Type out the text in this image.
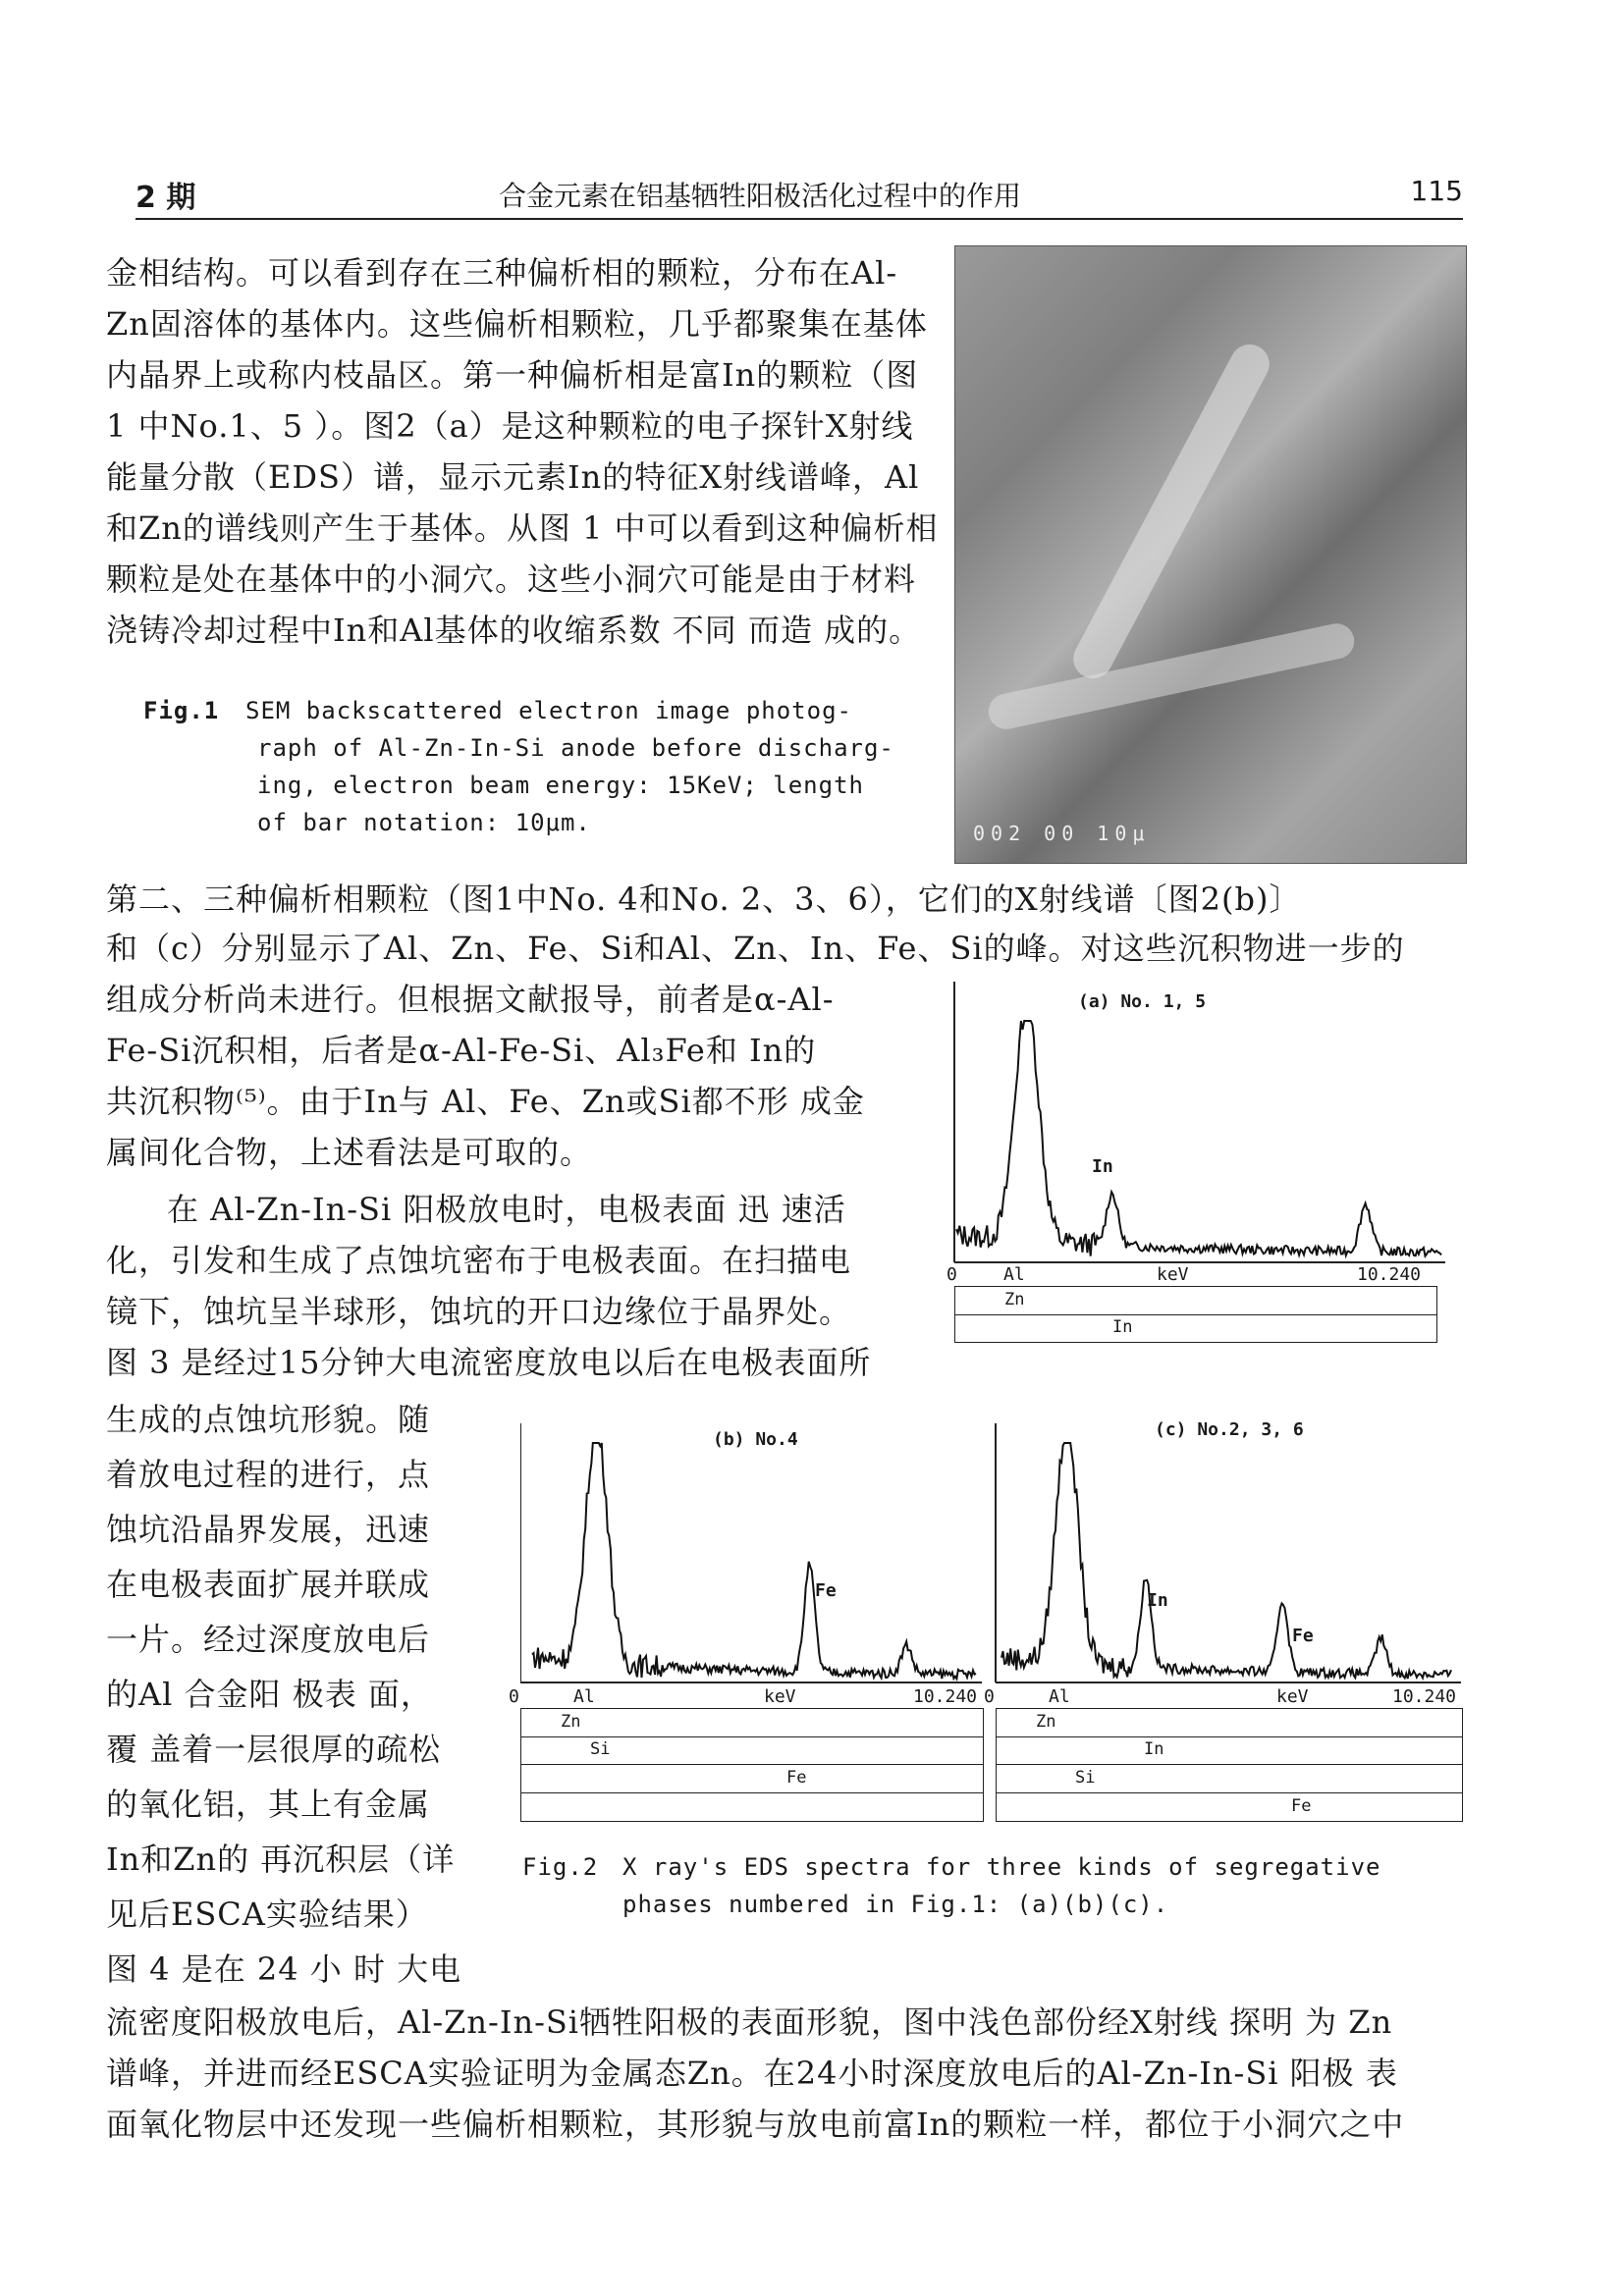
2 期	合金元素在铝基牺牲阳极活化过程中的作用	115
金相结构。可以看到存在三种偏析相的颗粒，分布在Al-
Zn固溶体的基体内。这些偏析相颗粒，几乎都聚集在基体
内晶界上或称内枝晶区。第一种偏析相是富In的颗粒（图
1 中No.1、5 ）。图2（a）是这种颗粒的电子探针X射线
能量分散（EDS）谱，显示元素In的特征X射线谱峰，Al
和Zn的谱线则产生于基体。从图 1 中可以看到这种偏析相
颗粒是处在基体中的小洞穴。这些小洞穴可能是由于材料
浇铸冷却过程中In和Al基体的收缩系数 不同 而造 成的。
002 00 10μ
Fig.1 SEM backscattered electron image photog-
raph of Al-Zn-In-Si anode before discharg-
ing, electron beam energy: 15KeV; length
of bar notation: 10μm.
第二、三种偏析相颗粒（图1中No. 4和No. 2、3、6），它们的X射线谱〔图2(b)〕
和（c）分别显示了Al、Zn、Fe、Si和Al、Zn、In、Fe、Si的峰。对这些沉积物进一步的
组成分析尚未进行。但根据文献报导，前者是α-Al-
Fe-Si沉积相，后者是α-Al-Fe-Si、Al₃Fe和 In的
共沉积物⁽⁵⁾。由于In与 Al、Fe、Zn或Si都不形 成金
属间化合物，上述看法是可取的。
在 Al-Zn-In-Si 阳极放电时，电极表面 迅 速活
化，引发和生成了点蚀坑密布于电极表面。在扫描电
镜下，蚀坑呈半球形，蚀坑的开口边缘位于晶界处。
图 3 是经过15分钟大电流密度放电以后在电极表面所
生成的点蚀坑形貌。随
着放电过程的进行，点
蚀坑沿晶界发展，迅速
在电极表面扩展并联成
一片。经过深度放电后
的Al 合金阳 极表 面，
覆 盖着一层很厚的疏松
的氧化铝，其上有金属
In和Zn的 再沉积层（详
见后ESCA实验结果）
图 4 是在 24 小 时 大电
(a) No. 1, 5
In
0	Al	keV	10.240
Zn
In
(b) No.4
Fe
0	Al	keV	10.240
Zn
Si
Fe
(c) No.2, 3, 6
In
Fe
0	Al	keV	10.240
Zn
In
Si
Fe
Fig.2 X ray's EDS spectra for three kinds of segregative
phases numbered in Fig.1: (a)(b)(c).
流密度阳极放电后，Al-Zn-In-Si牺牲阳极的表面形貌，图中浅色部份经X射线 探明 为 Zn
谱峰，并进而经ESCA实验证明为金属态Zn。在24小时深度放电后的Al-Zn-In-Si 阳极 表
面氧化物层中还发现一些偏析相颗粒，其形貌与放电前富In的颗粒一样，都位于小洞穴之中
